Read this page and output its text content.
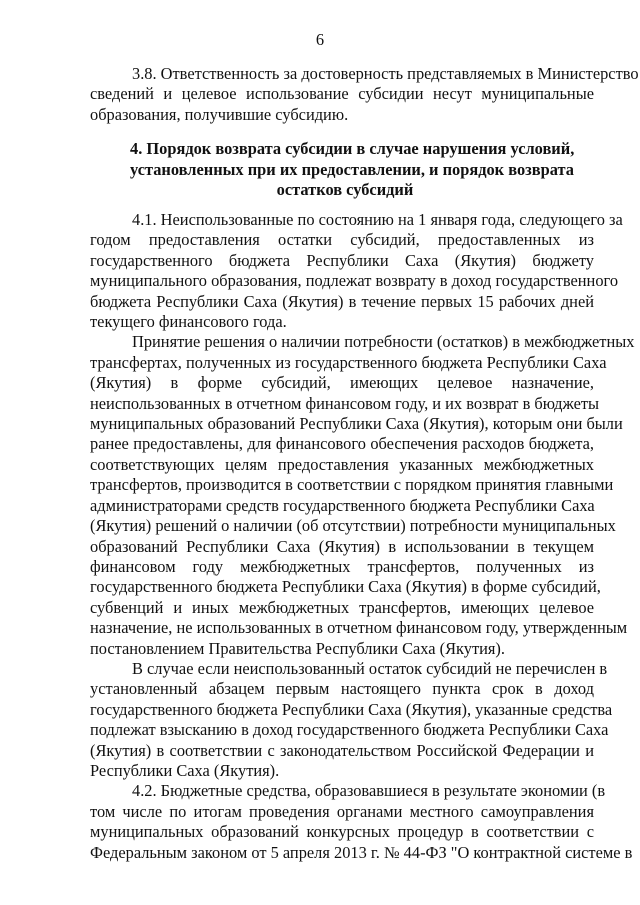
6
3.8. Ответственность за достоверность представляемых в Министерство
сведений и целевое использование субсидии несут муниципальные
образования, получившие субсидию.
4. Порядок возврата субсидии в случае нарушения условий,
установленных при их предоставлении, и порядок возврата
остатков субсидий
4.1. Неиспользованные по состоянию на 1 января года, следующего за
годом предоставления остатки субсидий, предоставленных из
государственного бюджета Республики Саха (Якутия) бюджету
муниципального образования, подлежат возврату в доход государственного
бюджета Республики Саха (Якутия) в течение первых 15 рабочих дней
текущего финансового года.
Принятие решения о наличии потребности (остатков) в межбюджетных
трансфертах, полученных из государственного бюджета Республики Саха
(Якутия) в форме субсидий, имеющих целевое назначение,
неиспользованных в отчетном финансовом году, и их возврат в бюджеты
муниципальных образований Республики Саха (Якутия), которым они были
ранее предоставлены, для финансового обеспечения расходов бюджета,
соответствующих целям предоставления указанных межбюджетных
трансфертов, производится в соответствии с порядком принятия главными
администраторами средств государственного бюджета Республики Саха
(Якутия) решений о наличии (об отсутствии) потребности муниципальных
образований Республики Саха (Якутия) в использовании в текущем
финансовом году межбюджетных трансфертов, полученных из
государственного бюджета Республики Саха (Якутия) в форме субсидий,
субвенций и иных межбюджетных трансфертов, имеющих целевое
назначение, не использованных в отчетном финансовом году, утвержденным
постановлением Правительства Республики Саха (Якутия).
В случае если неиспользованный остаток субсидий не перечислен в
установленный абзацем первым настоящего пункта срок в доход
государственного бюджета Республики Саха (Якутия), указанные средства
подлежат взысканию в доход государственного бюджета Республики Саха
(Якутия) в соответствии с законодательством Российской Федерации и
Республики Саха (Якутия).
4.2. Бюджетные средства, образовавшиеся в результате экономии (в
том числе по итогам проведения органами местного самоуправления
муниципальных образований конкурсных процедур в соответствии с
Федеральным законом от 5 апреля 2013 г. № 44-ФЗ "О контрактной системе в
